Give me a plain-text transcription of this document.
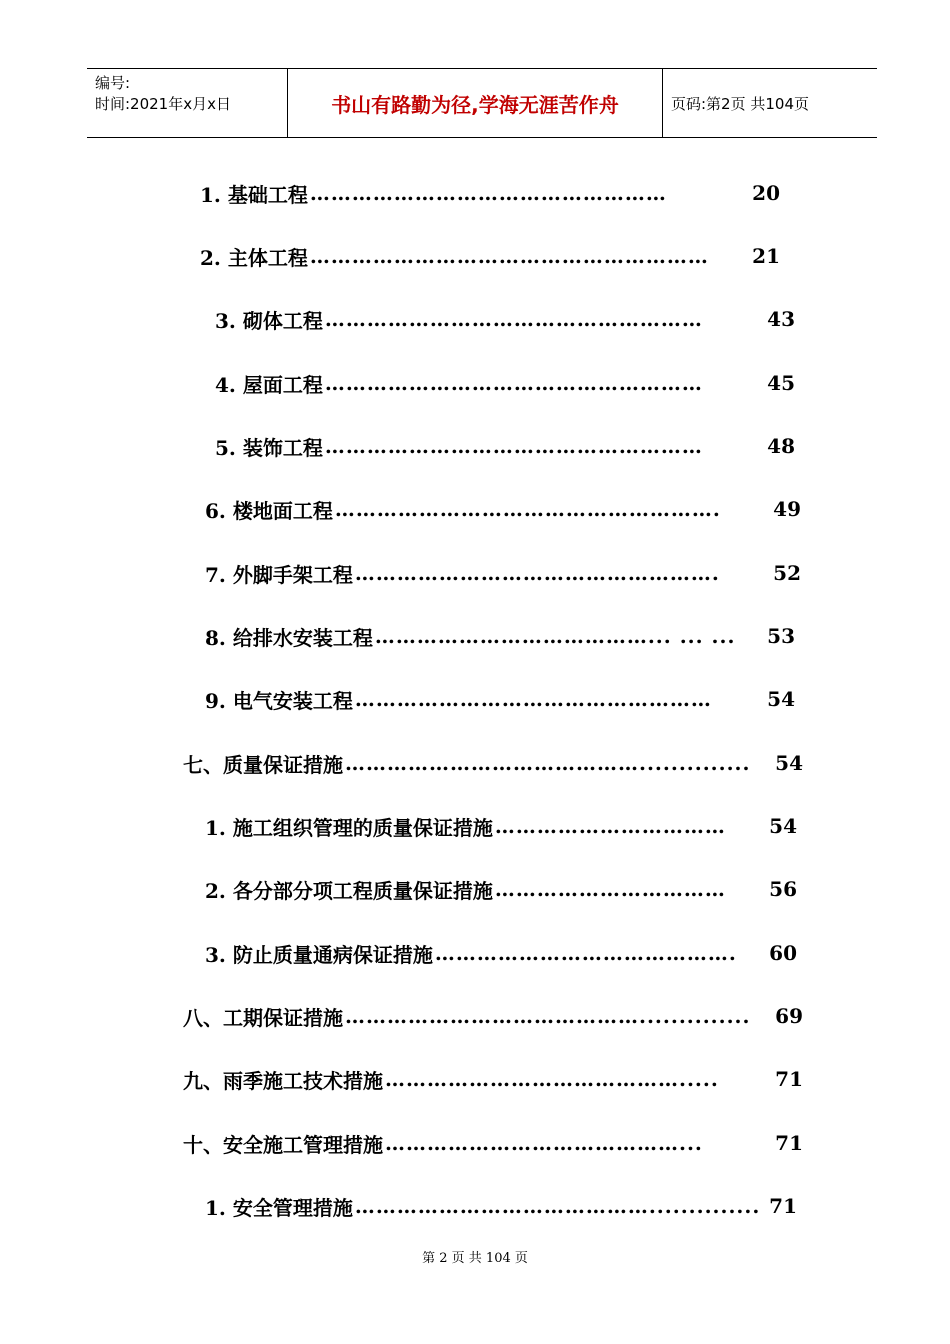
编号:
时间:2021年x月x日	书山有路勤为径,学海无涯苦作舟	页码:第2页 共104页
1. 基础工程 ……………………………………………	20
2. 主体工程 …………………………………………………	21
3. 砌体工程 ………………………………………………	43
4. 屋面工程 ………………………………………………	45
5. 装饰工程 ………………………………………………	48
6. 楼地面工程 ……………………………………………….	49
7. 外脚手架工程 …………………………………………….	52
8. 给排水安装工程 …………………………………... ... ...	53
9. 电气安装工程 ……………………………………………	54
七、质量保证措施 ……………………………………..............	54
1. 施工组织管理的质量保证措施 ……………………………	54
2. 各分部分项工程质量保证措施 ……………………………	56
3. 防止质量通病保证措施 …………………………………….	60
八、工期保证措施 ……………………………………..............	69
九、雨季施工技术措施 …………………………………….....	71
十、安全施工管理措施 ……………………………………...	71
1. 安全管理措施 …………………………………….............. 71
第 2 页 共 104 页
